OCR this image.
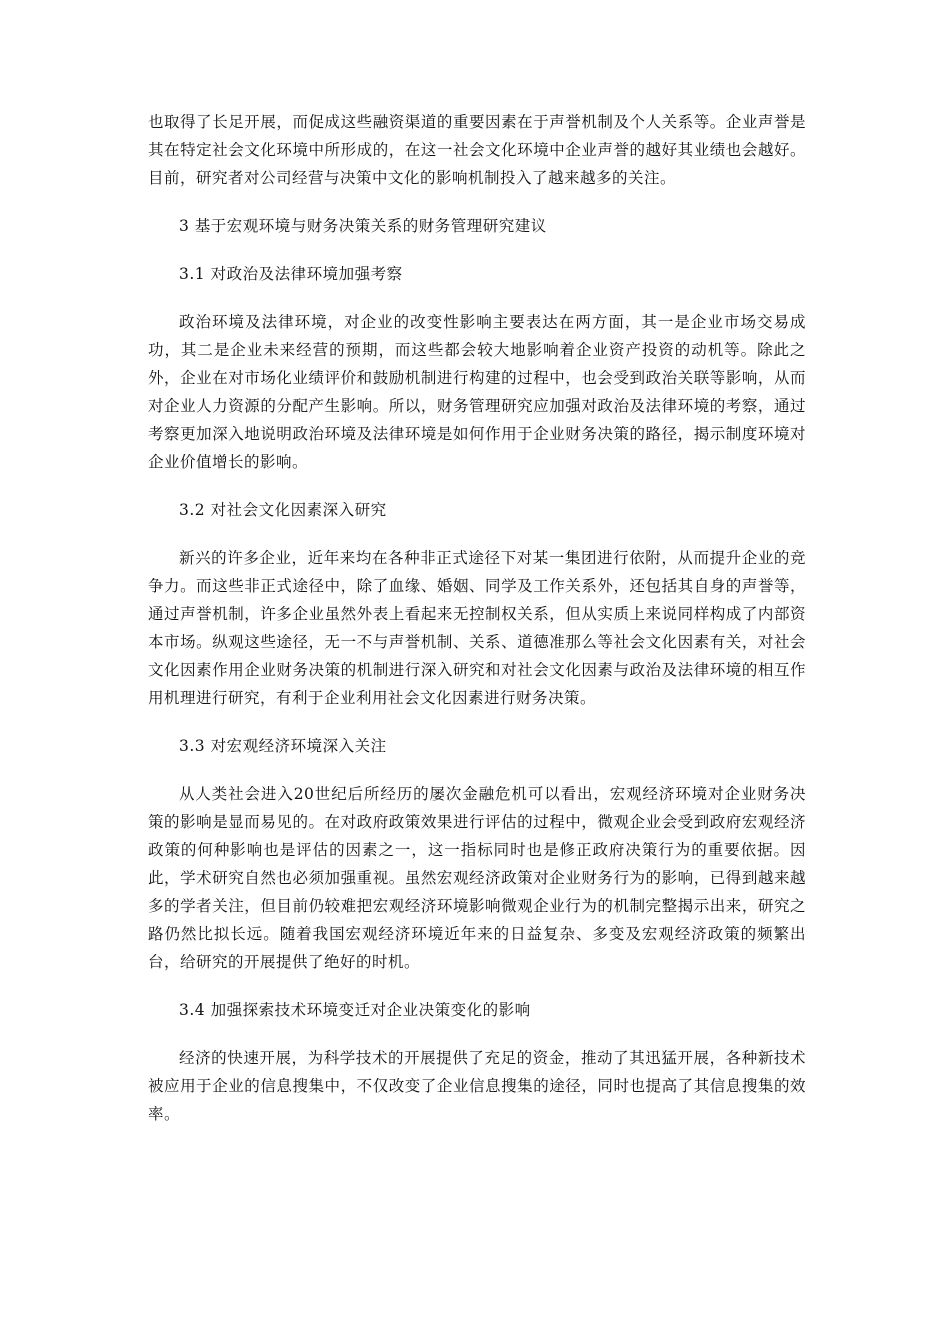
也取得了长足开展，而促成这些融资渠道的重要因素在于声誉机制及个人关系等。企业声誉是其在特定社会文化环境中所形成的，在这一社会文化环境中企业声誉的越好其业绩也会越好。目前，研究者对公司经营与决策中文化的影响机制投入了越来越多的关注。

3 基于宏观环境与财务决策关系的财务管理研究建议

3.1 对政治及法律环境加强考察

政治环境及法律环境，对企业的改变性影响主要表达在两方面，其一是企业市场交易成功，其二是企业未来经营的预期，而这些都会较大地影响着企业资产投资的动机等。除此之外，企业在对市场化业绩评价和鼓励机制进行构建的过程中，也会受到政治关联等影响，从而对企业人力资源的分配产生影响。所以，财务管理研究应加强对政治及法律环境的考察，通过考察更加深入地说明政治环境及法律环境是如何作用于企业财务决策的路径，揭示制度环境对企业价值增长的影响。

3.2 对社会文化因素深入研究

新兴的许多企业，近年来均在各种非正式途径下对某一集团进行依附，从而提升企业的竞争力。而这些非正式途径中，除了血缘、婚姻、同学及工作关系外，还包括其自身的声誉等，通过声誉机制，许多企业虽然外表上看起来无控制权关系，但从实质上来说同样构成了内部资本市场。纵观这些途径，无一不与声誉机制、关系、道德准那么等社会文化因素有关，对社会文化因素作用企业财务决策的机制进行深入研究和对社会文化因素与政治及法律环境的相互作用机理进行研究，有利于企业利用社会文化因素进行财务决策。

3.3 对宏观经济环境深入关注

从人类社会进入20世纪后所经历的屡次金融危机可以看出，宏观经济环境对企业财务决策的影响是显而易见的。在对政府政策效果进行评估的过程中，微观企业会受到政府宏观经济政策的何种影响也是评估的因素之一，这一指标同时也是修正政府决策行为的重要依据。因此，学术研究自然也必须加强重视。虽然宏观经济政策对企业财务行为的影响，已得到越来越多的学者关注，但目前仍较难把宏观经济环境影响微观企业行为的机制完整揭示出来，研究之路仍然比拟长远。随着我国宏观经济环境近年来的日益复杂、多变及宏观经济政策的频繁出台，给研究的开展提供了绝好的时机。

3.4 加强探索技术环境变迁对企业决策变化的影响

经济的快速开展，为科学技术的开展提供了充足的资金，推动了其迅猛开展，各种新技术被应用于企业的信息搜集中，不仅改变了企业信息搜集的途径，同时也提高了其信息搜集的效率。
